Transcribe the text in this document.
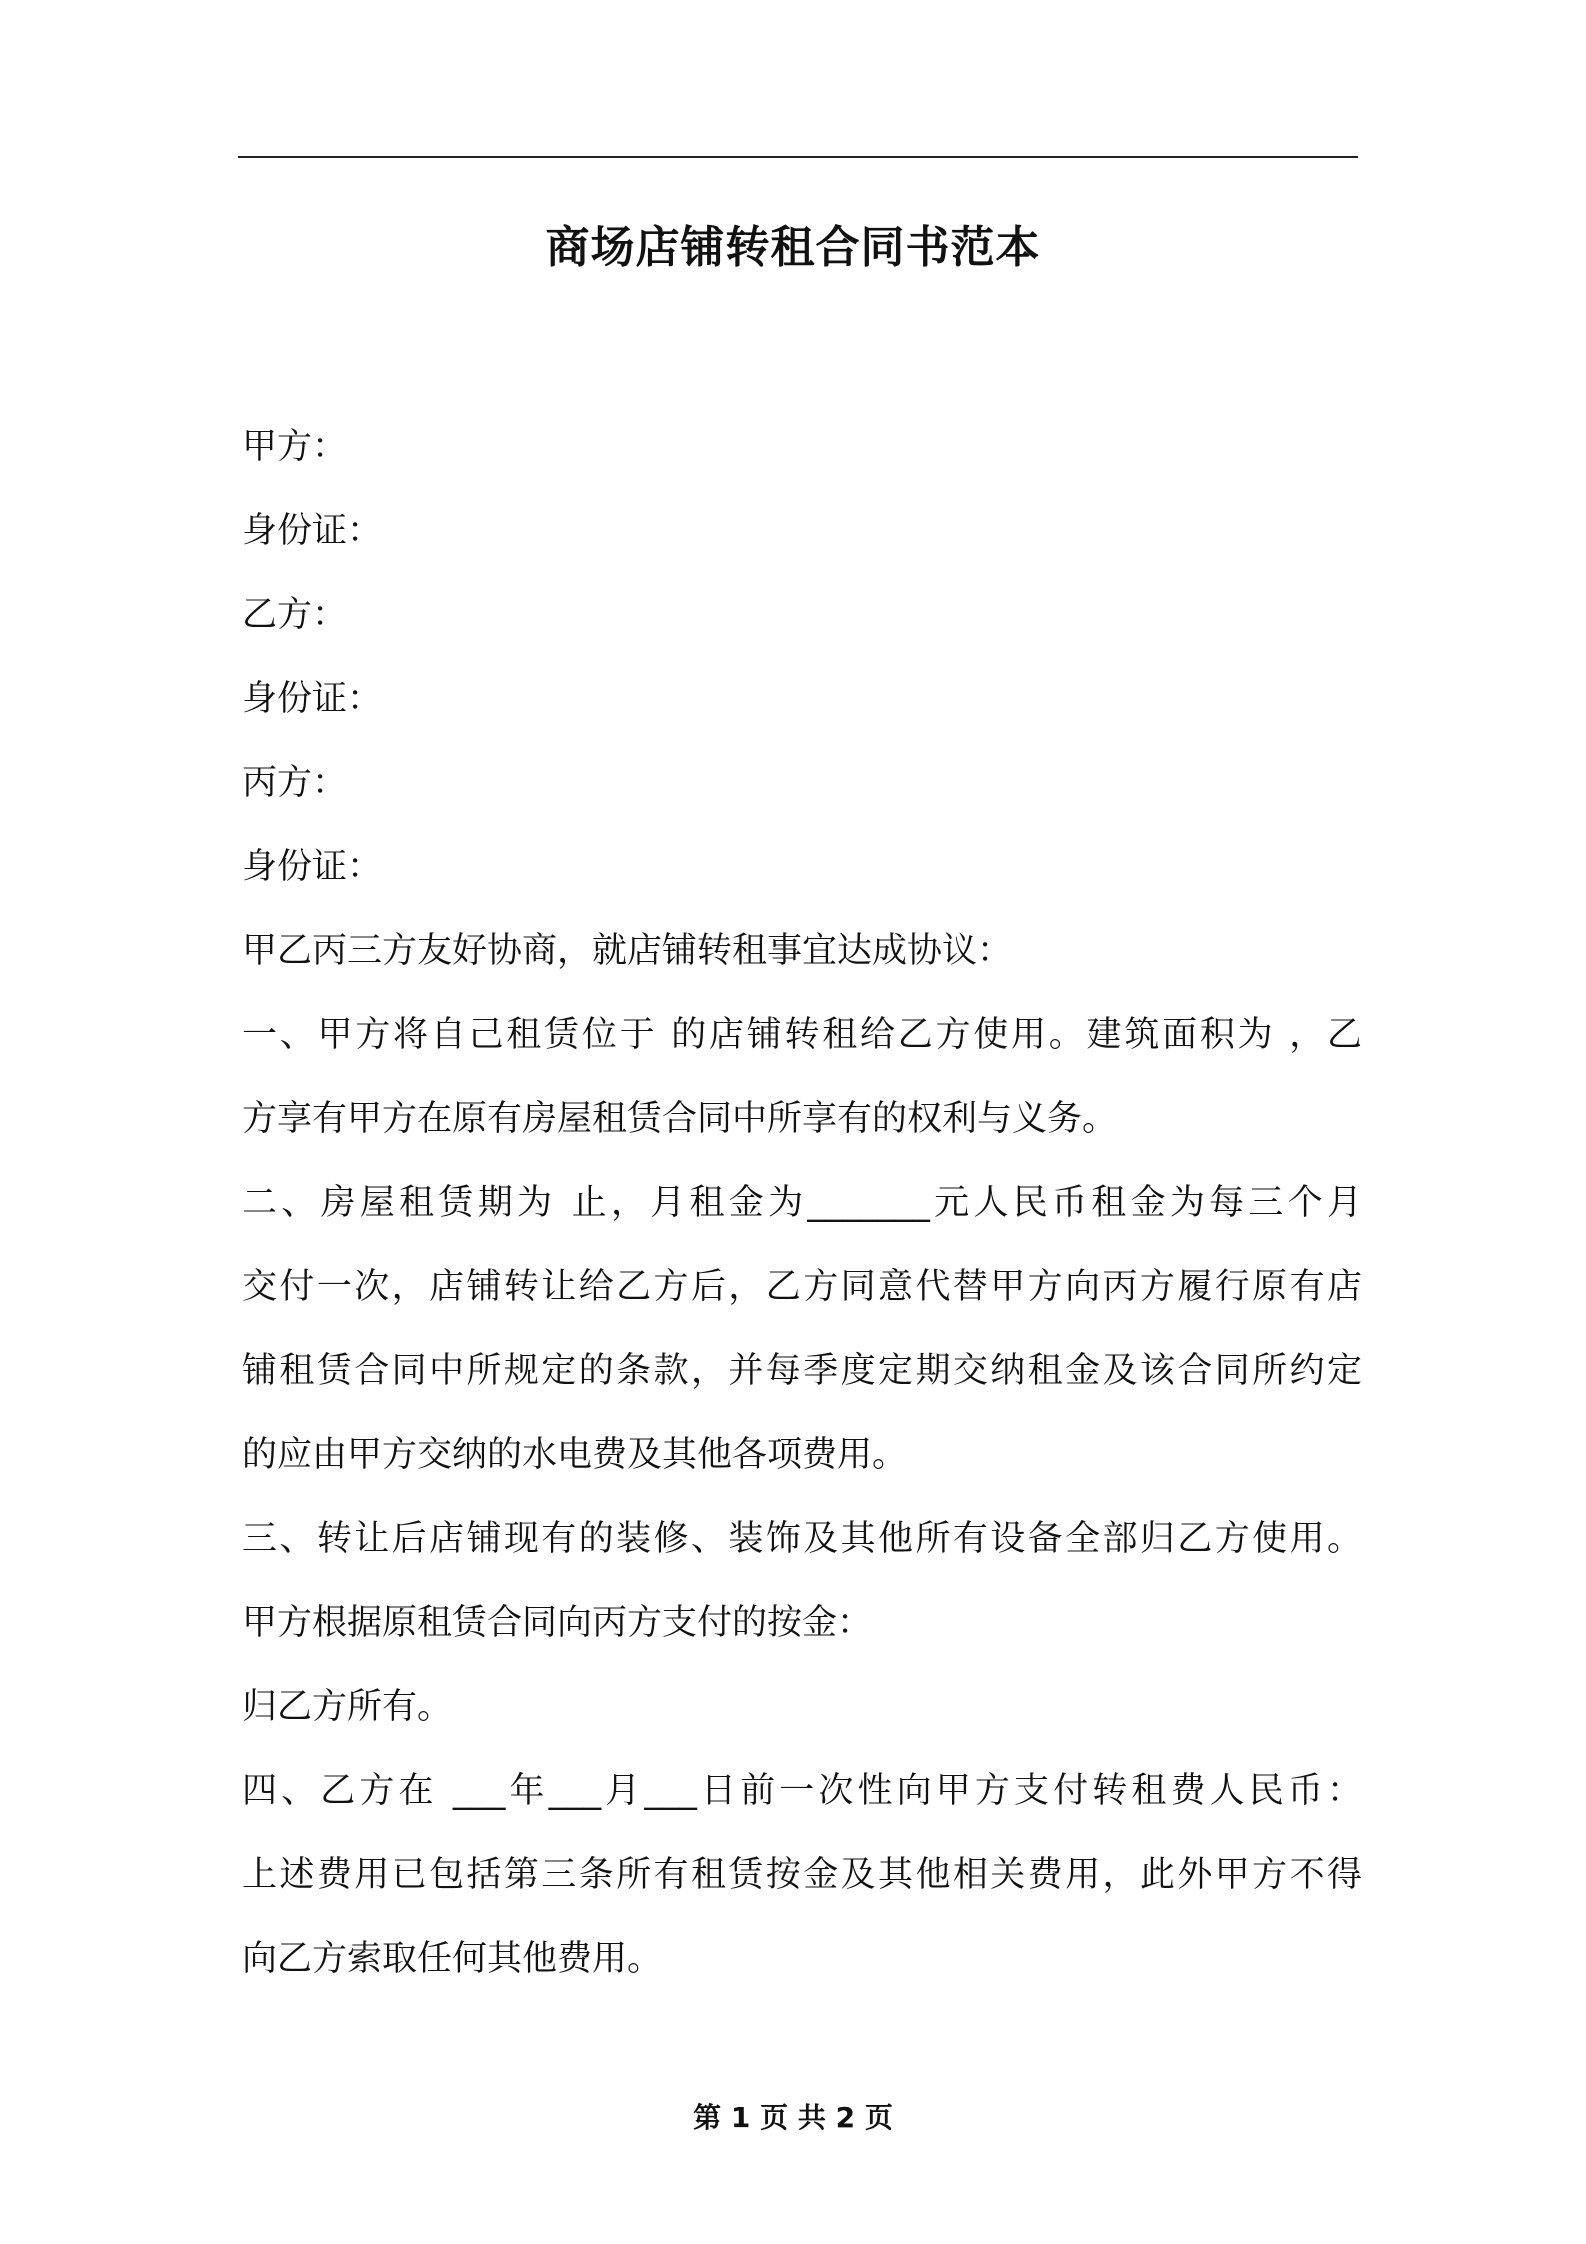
商场店铺转租合同书范本
甲方：
身份证：
乙方：
身份证：
丙方：
身份证：
甲乙丙三方友好协商，就店铺转租事宜达成协议：
一、甲方将自己租赁位于 的店铺转租给乙方使用。建筑面积为 ，乙
方享有甲方在原有房屋租赁合同中所享有的权利与义务。
二、房屋租赁期为 止，月租金为_______元人民币租金为每三个月
交付一次，店铺转让给乙方后，乙方同意代替甲方向丙方履行原有店
铺租赁合同中所规定的条款，并每季度定期交纳租金及该合同所约定
的应由甲方交纳的水电费及其他各项费用。
三、转让后店铺现有的装修、装饰及其他所有设备全部归乙方使用。
甲方根据原租赁合同向丙方支付的按金：
归乙方所有。
四、乙方在 ___年___月___日前一次性向甲方支付转租费人民币：
上述费用已包括第三条所有租赁按金及其他相关费用，此外甲方不得
向乙方索取任何其他费用。
第 1 页 共 2 页
